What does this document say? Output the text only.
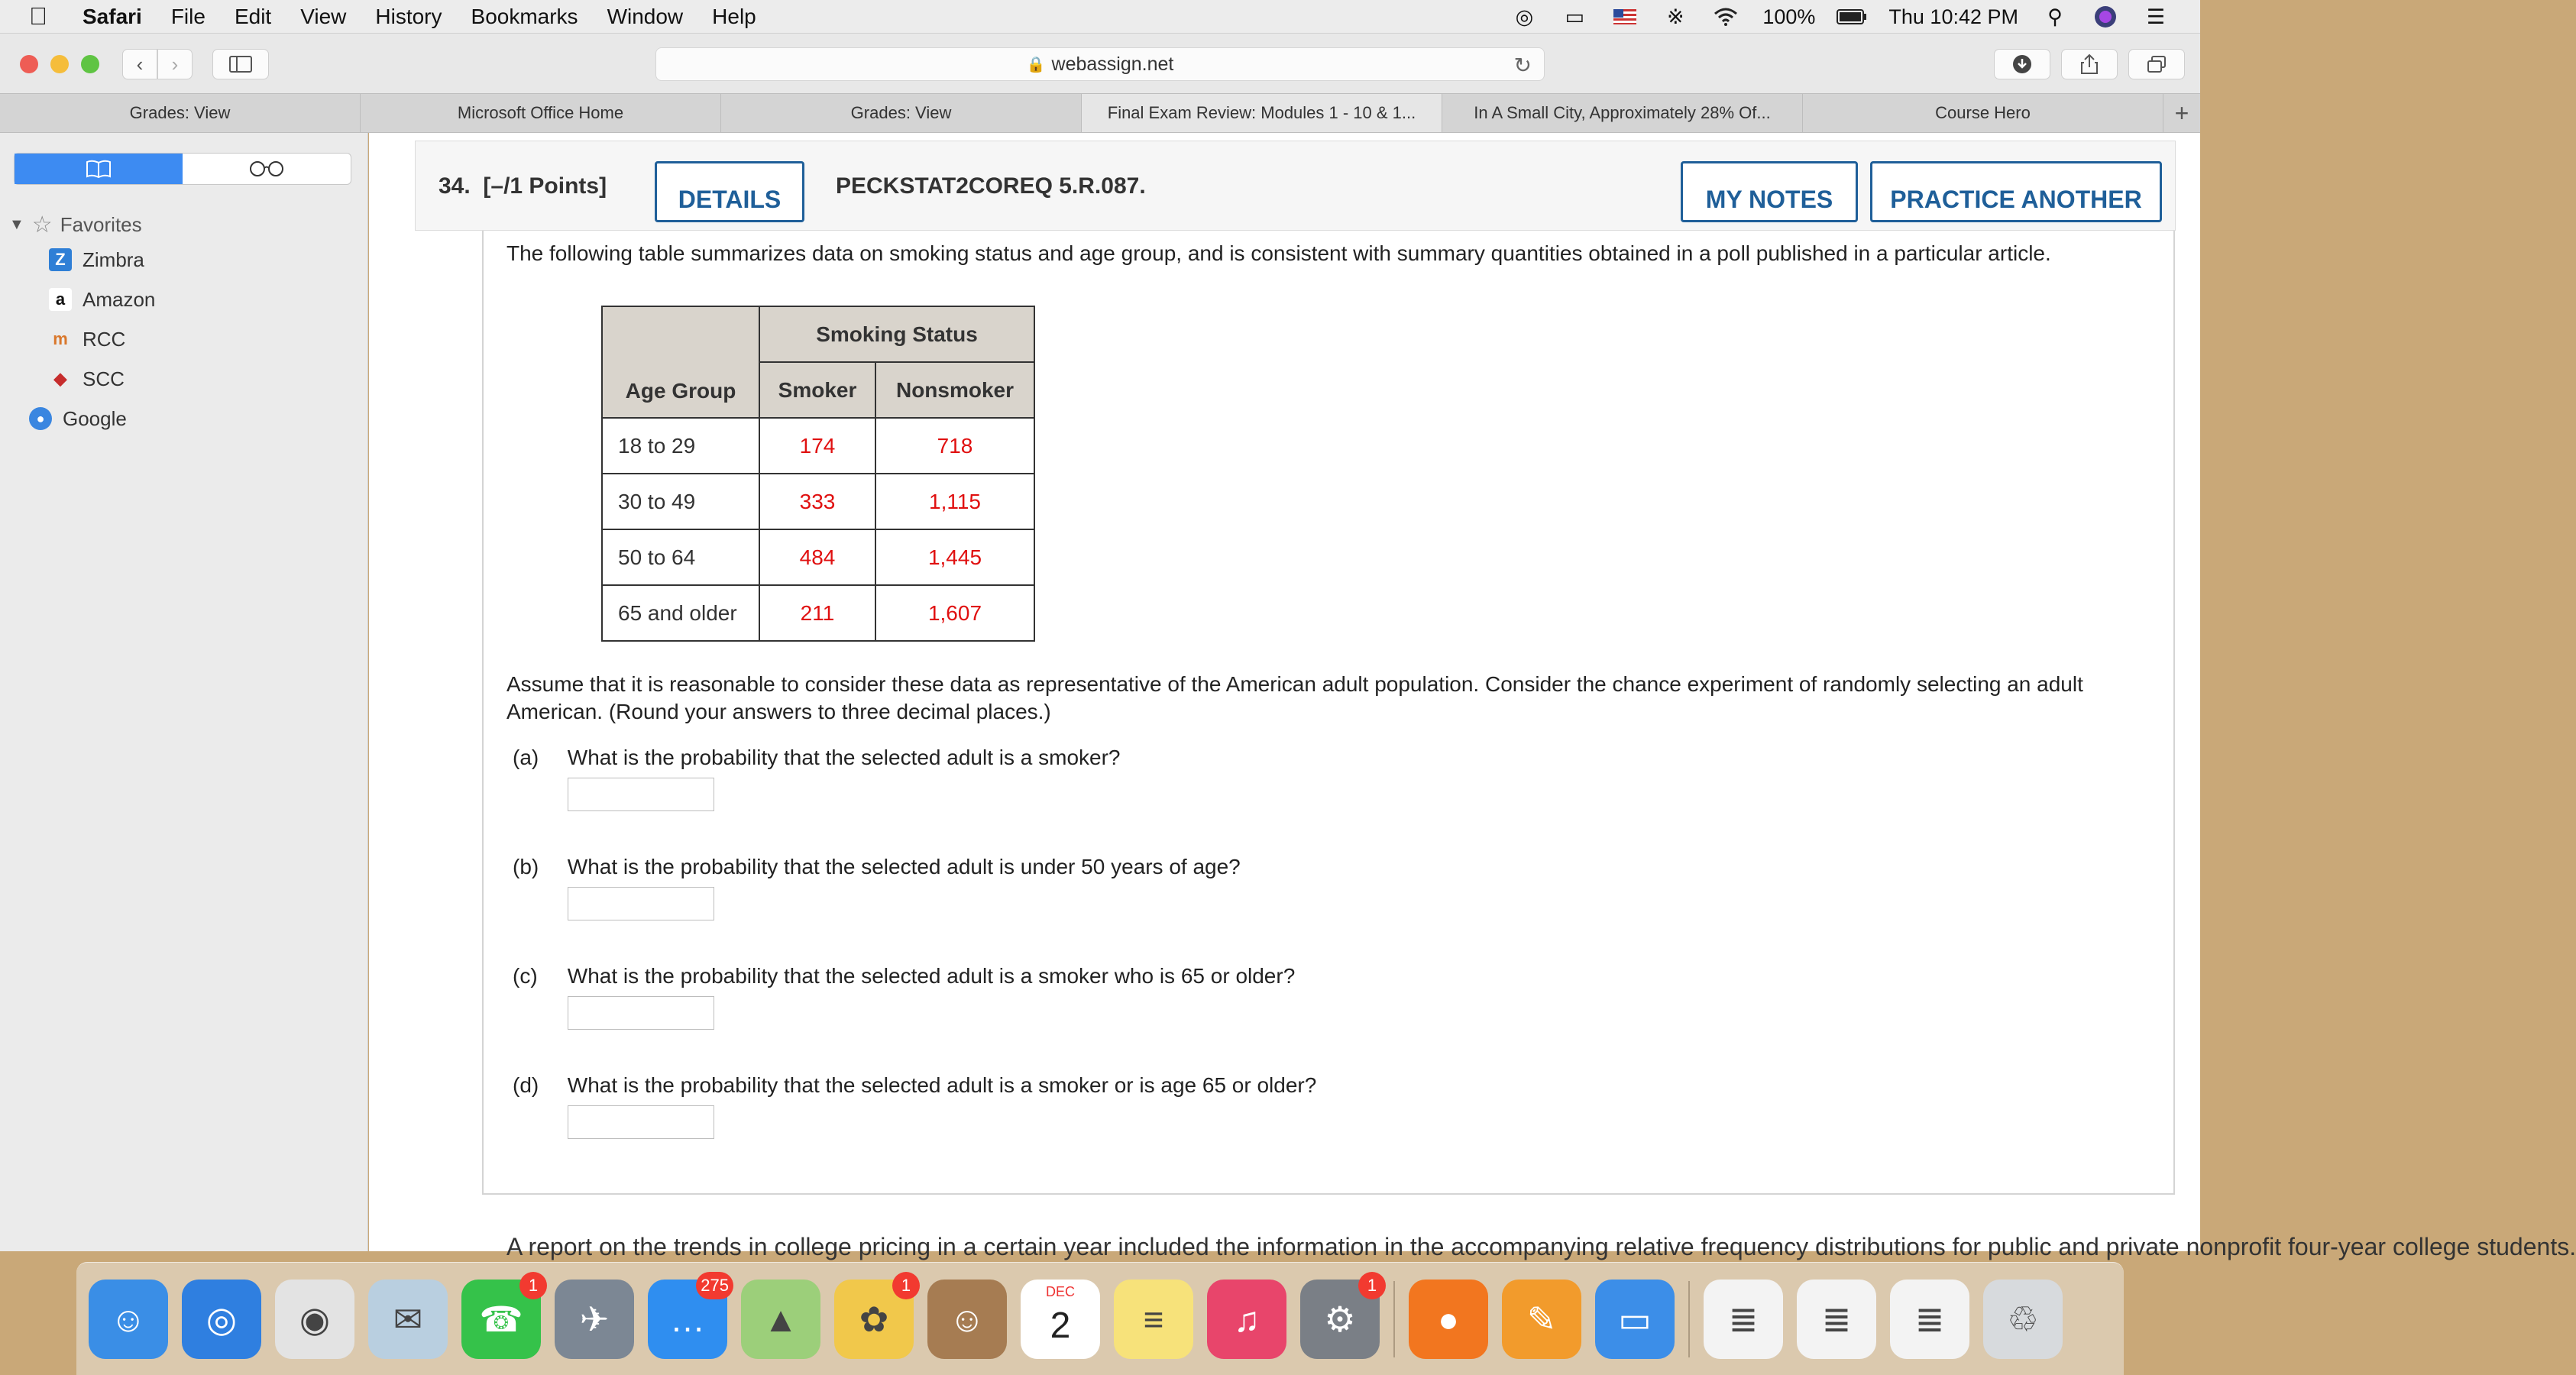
Safari File Edit View History Bookmarks Window Help	◎ ▭	※	100%	Thu 10:42 PM	⚲	☰
‹ ›	🔒 webassign.net	↻
Grades: View	Microsoft Office Home	Grades: View	Final Exam Review: Modules 1 - 10 & 1...	In A Small City, Approximately 28% Of...	Course Hero	+
▼ ☆ Favorites
Z Zimbra
a Amazon
m RCC
◆ SCC
● Google
34. [–/1 Points]	DETAILS	PECKSTAT2COREQ 5.R.087.	MY NOTES	PRACTICE ANOTHER

The following table summarizes data on smoking status and age group, and is consistent with summary quantities obtained in a poll published in a particular article.

Age Group	Smoking Status	
	Smoker	Nonsmoker
18 to 29	174	718
30 to 49	333	1,115
50 to 64	484	1,445
65 and older	211	1,607

Assume that it is reasonable to consider these data as representative of the American adult population. Consider the chance experiment of randomly selecting an adult American. (Round your answers to three decimal places.)

(a) What is the probability that the selected adult is a smoker?
(b) What is the probability that the selected adult is under 50 years of age?
(c) What is the probability that the selected adult is a smoker who is 65 or older?
(d) What is the probability that the selected adult is a smoker or is age 65 or older?
A report on the trends in college pricing in a certain year included the information in the accompanying relative frequency distributions for public and private nonprofit four-year college students.
☺ ◎ ◉ ✉ ☎
1
✈ …
275
▲ ✿
1
☺
DEC
2 ≡ ♫ ⚙
1
● ✎ ▭ ≣ ≣ ≣ ♲
